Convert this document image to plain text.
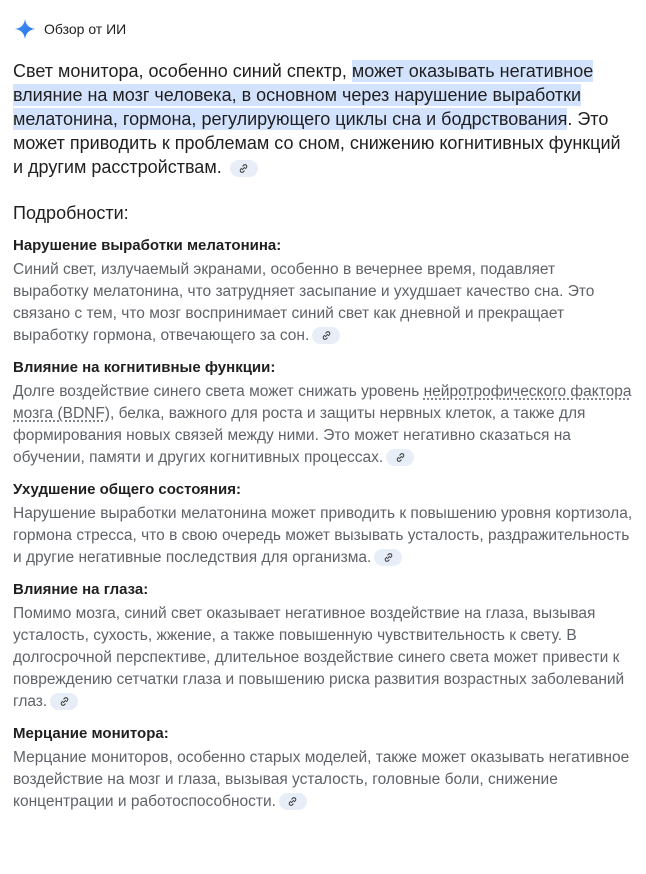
Обзор от ИИ
Свет монитора, особенно синий спектр, может оказывать негативное влияние на мозг человека, в основном через нарушение выработки мелатонина, гормона, регулирующего циклы сна и бодрствования. Это может приводить к проблемам со сном, снижению когнитивных функций и другим расстройствам.
Подробности:
Нарушение выработки мелатонина:
Синий свет, излучаемый экранами, особенно в вечернее время, подавляет выработку мелатонина, что затрудняет засыпание и ухудшает качество сна. Это связано с тем, что мозг воспринимает синий свет как дневной и прекращает выработку гормона, отвечающего за сон.
Влияние на когнитивные функции:
Долге воздействие синего света может снижать уровень нейротрофического фактора мозга (BDNF), белка, важного для роста и защиты нервных клеток, а также для формирования новых связей между ними. Это может негативно сказаться на обучении, памяти и других когнитивных процессах.
Ухудшение общего состояния:
Нарушение выработки мелатонина может приводить к повышению уровня кортизола, гормона стресса, что в свою очередь может вызывать усталость, раздражительность и другие негативные последствия для организма.
Влияние на глаза:
Помимо мозга, синий свет оказывает негативное воздействие на глаза, вызывая усталость, сухость, жжение, а также повышенную чувствительность к свету. В долгосрочной перспективе, длительное воздействие синего света может привести к повреждению сетчатки глаза и повышению риска развития возрастных заболеваний глаз.
Мерцание монитора:
Мерцание мониторов, особенно старых моделей, также может оказывать негативное воздействие на мозг и глаза, вызывая усталость, головные боли, снижение концентрации и работоспособности.
